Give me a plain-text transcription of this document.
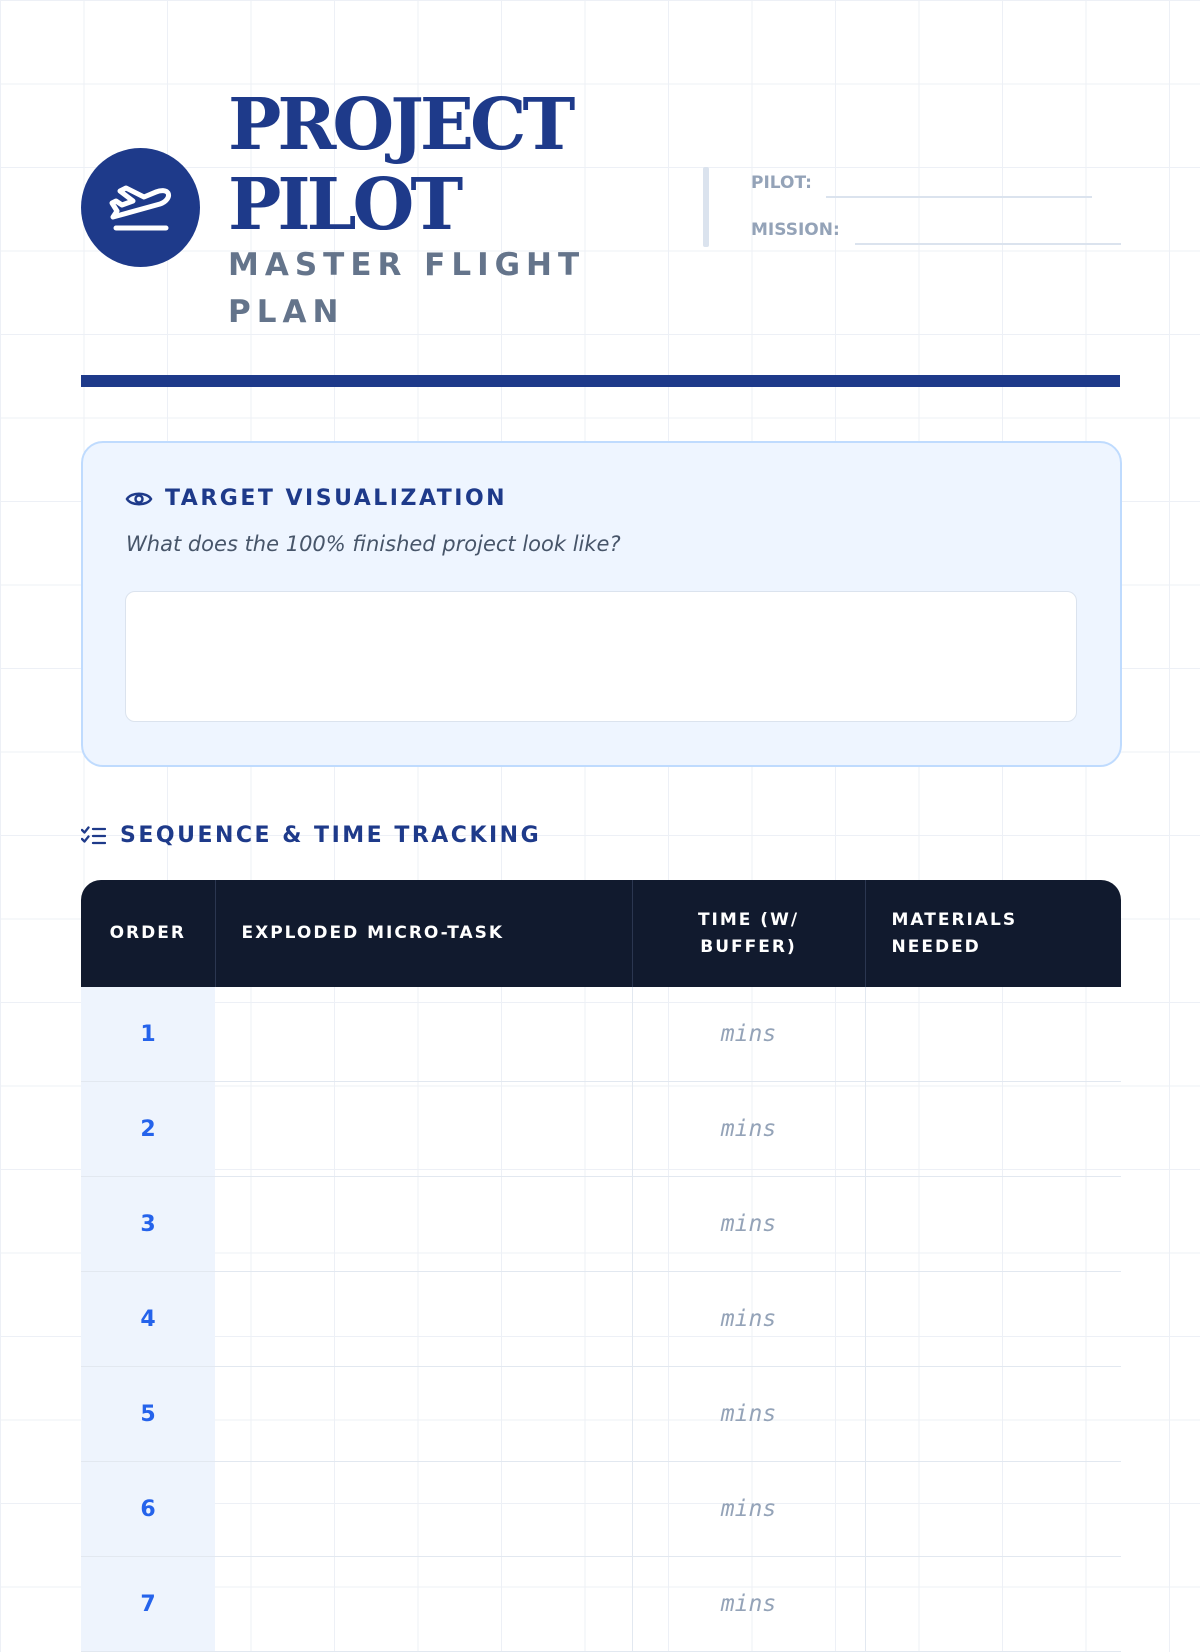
PROJECT
PILOT
MASTER FLIGHT PLAN
PILOT:
MISSION:
TARGET VISUALIZATION
What does the 100% finished project look like?
SEQUENCE & TIME TRACKING
ORDER	EXPLODED MICRO-TASK	TIME (W/ BUFFER)	MATERIALS NEEDED
1		mins	
2		mins	
3		mins	
4		mins	
5		mins	
6		mins	
7		mins	
